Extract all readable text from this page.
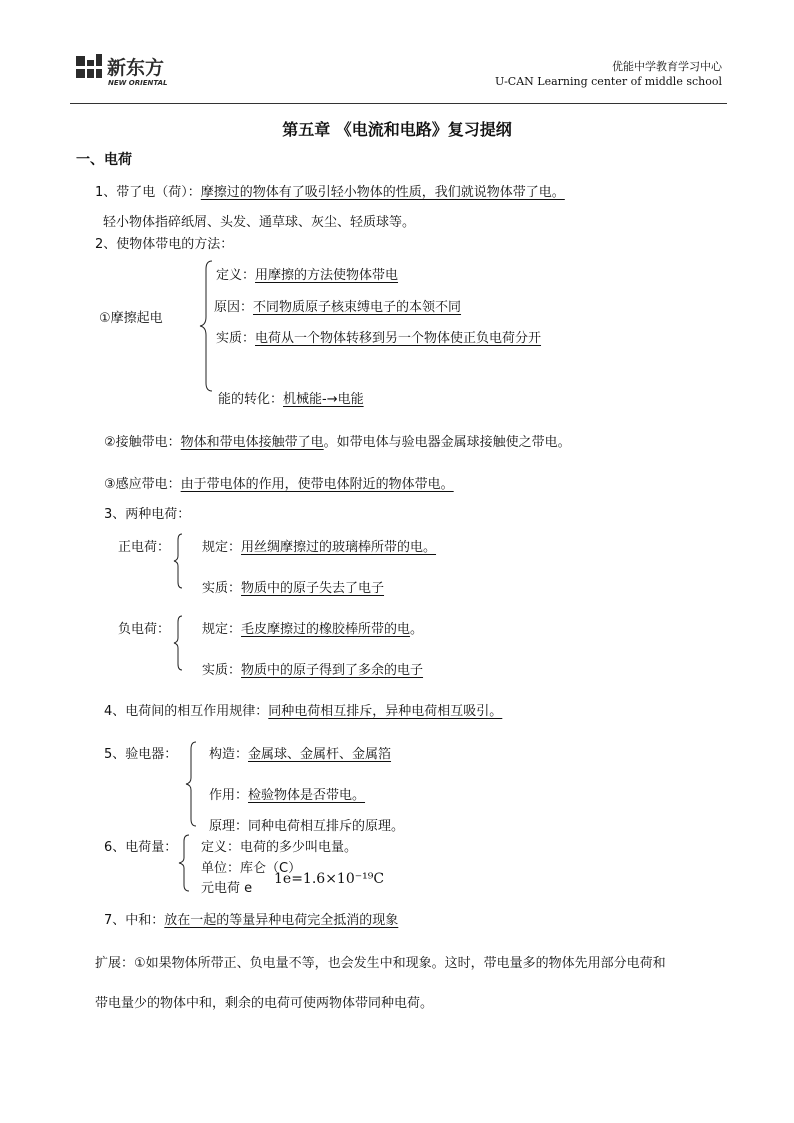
新东方
NEW ORIENTAL
优能中学教育学习中心
U-CAN Learning center of middle school
第五章 《电流和电路》复习提纲
一、电荷
1、带了电（荷）：摩擦过的物体有了吸引轻小物体的性质，我们就说物体带了电。
轻小物体指碎纸屑、头发、通草球、灰尘、轻质球等。
2、使物体带电的方法：
①摩擦起电
定义：用摩擦的方法使物体带电
原因：不同物质原子核束缚电子的本领不同
实质：电荷从一个物体转移到另一个物体使正负电荷分开
能的转化：机械能-→电能
②接触带电：物体和带电体接触带了电。如带电体与验电器金属球接触使之带电。
③感应带电：由于带电体的作用，使带电体附近的物体带电。
3、两种电荷：
正电荷： 规定：用丝绸摩擦过的玻璃棒所带的电。
实质：物质中的原子失去了电子
负电荷： 规定：毛皮摩擦过的橡胶棒所带的电。
实质：物质中的原子得到了多余的电子
4、电荷间的相互作用规律：同种电荷相互排斥，异种电荷相互吸引。
5、验电器： 构造：金属球、金属杆、金属箔
作用：检验物体是否带电。
原理：同种电荷相互排斥的原理。
6、电荷量： 定义：电荷的多少叫电量。
单位：库仑（C）
元电荷 e
1e=1.6×10⁻¹⁹C
7、中和：放在一起的等量异种电荷完全抵消的现象
扩展：①如果物体所带正、负电量不等，也会发生中和现象。这时，带电量多的物体先用部分电荷和
带电量少的物体中和，剩余的电荷可使两物体带同种电荷。
